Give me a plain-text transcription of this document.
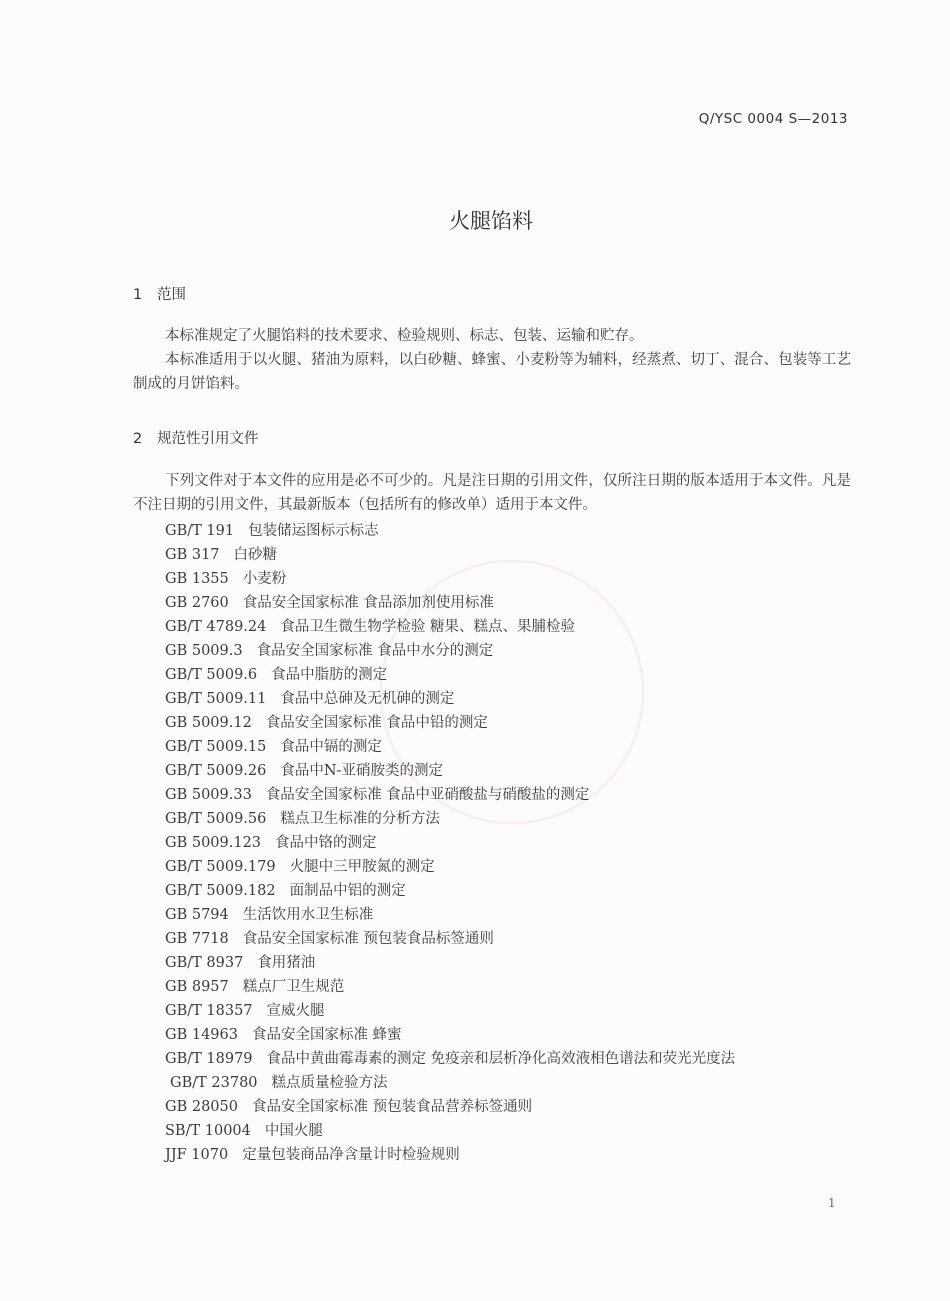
Q/YSC 0004 S—2013
火腿馅料
1 范围
本标准规定了火腿馅料的技术要求、检验规则、标志、包装、运输和贮存。
本标准适用于以火腿、猪油为原料，以白砂糖、蜂蜜、小麦粉等为辅料，经蒸煮、切丁、混合、包装等工艺制成的月饼馅料。
2 规范性引用文件
下列文件对于本文件的应用是必不可少的。凡是注日期的引用文件，仅所注日期的版本适用于本文件。凡是不注日期的引用文件，其最新版本（包括所有的修改单）适用于本文件。
GB/T 191 包装储运图标示标志
GB 317 白砂糖
GB 1355 小麦粉
GB 2760 食品安全国家标准 食品添加剂使用标准
GB/T 4789.24 食品卫生微生物学检验 糖果、糕点、果脯检验
GB 5009.3 食品安全国家标准 食品中水分的测定
GB/T 5009.6 食品中脂肪的测定
GB/T 5009.11 食品中总砷及无机砷的测定
GB 5009.12 食品安全国家标准 食品中铅的测定
GB/T 5009.15 食品中镉的测定
GB/T 5009.26 食品中N-亚硝胺类的测定
GB 5009.33 食品安全国家标准 食品中亚硝酸盐与硝酸盐的测定
GB/T 5009.56 糕点卫生标准的分析方法
GB 5009.123 食品中铬的测定
GB/T 5009.179 火腿中三甲胺氮的测定
GB/T 5009.182 面制品中铝的测定
GB 5794 生活饮用水卫生标准
GB 7718 食品安全国家标准 预包装食品标签通则
GB/T 8937 食用猪油
GB 8957 糕点厂卫生规范
GB/T 18357 宣威火腿
GB 14963 食品安全国家标准 蜂蜜
GB/T 18979 食品中黄曲霉毒素的测定 免疫亲和层析净化高效液相色谱法和荧光光度法
GB/T 23780 糕点质量检验方法
GB 28050 食品安全国家标准 预包装食品营养标签通则
SB/T 10004 中国火腿
JJF 1070 定量包装商品净含量计时检验规则
1
